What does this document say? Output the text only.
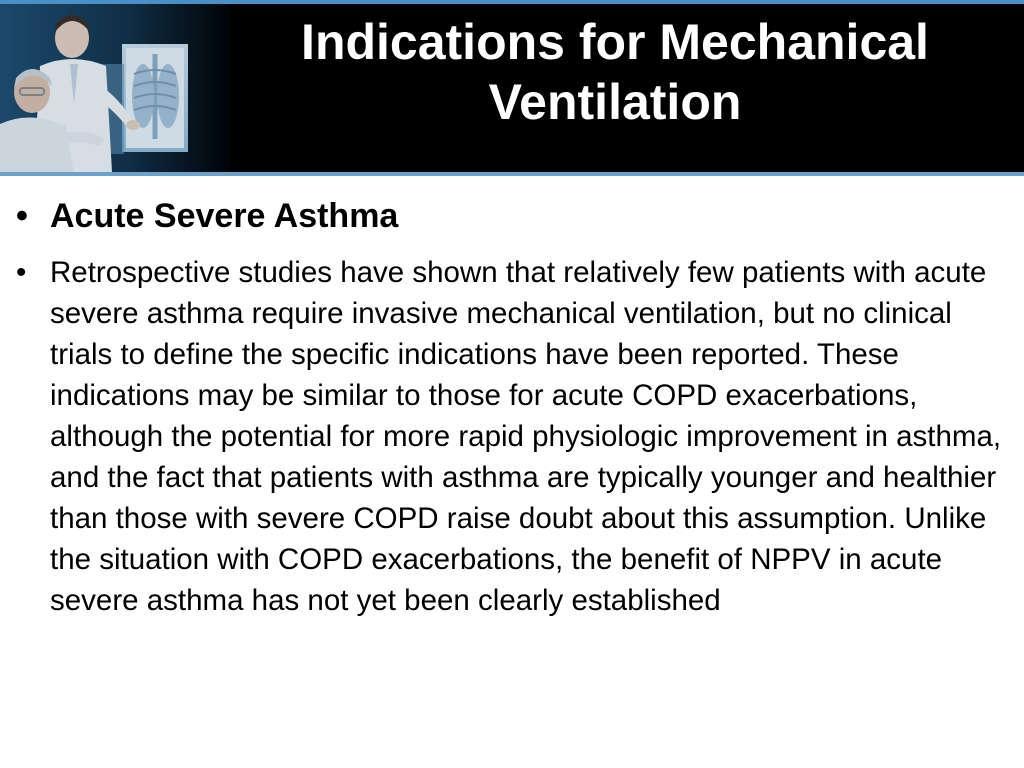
Indications for Mechanical Ventilation
• Acute Severe Asthma
• Retrospective studies have shown that relatively few patients with acute severe asthma require invasive mechanical ventilation, but no clinical trials to define the specific indications have been reported. These indications may be similar to those for acute COPD exacerbations, although the potential for more rapid physiologic improvement in asthma, and the fact that patients with asthma are typically younger and healthier than those with severe COPD raise doubt about this assumption. Unlike the situation with COPD exacerbations, the benefit of NPPV in acute severe asthma has not yet been clearly established
